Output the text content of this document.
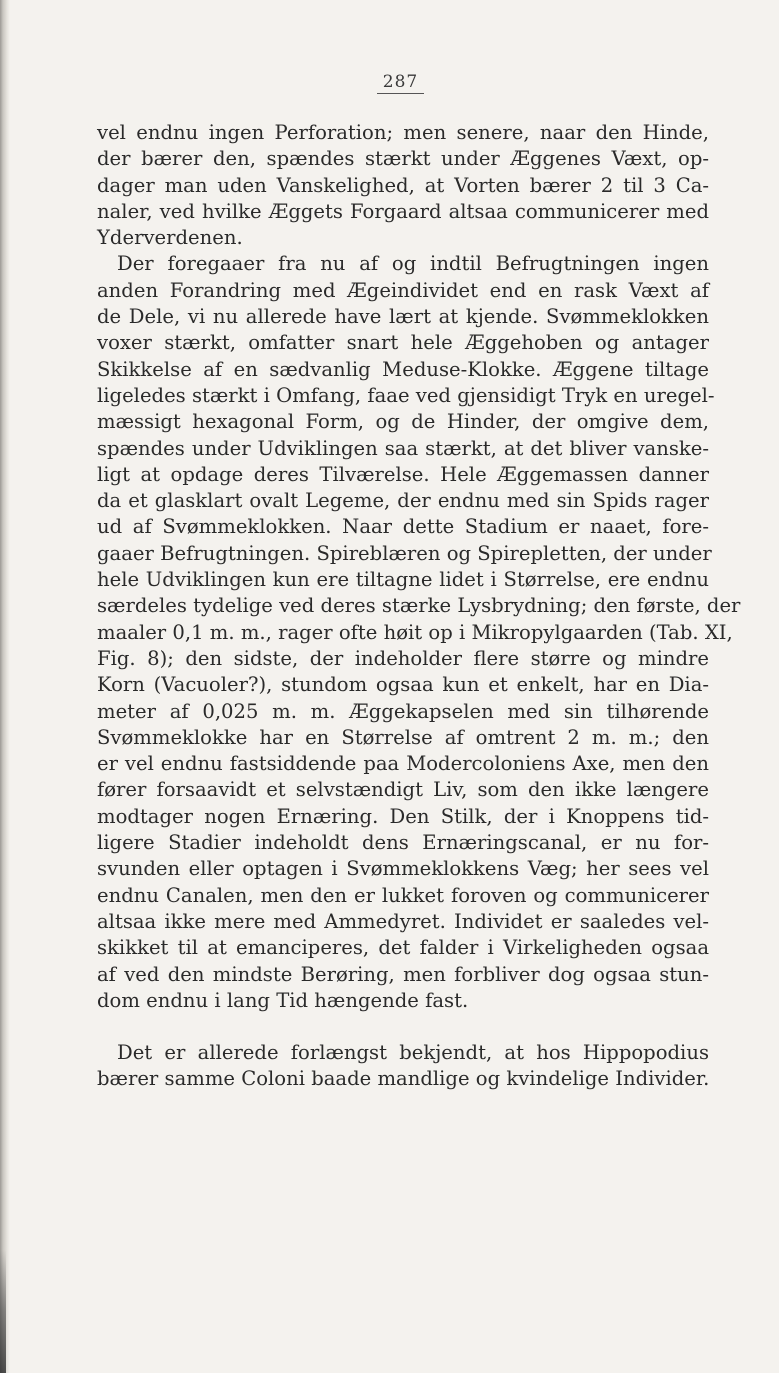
287
vel endnu ingen Perforation; men senere, naar den Hinde,
der bærer den, spændes stærkt under Æggenes Væxt, op-
dager man uden Vanskelighed, at Vorten bærer 2 til 3 Ca-
naler, ved hvilke Æggets Forgaard altsaa communicerer med
Yderverdenen.
Der foregaaer fra nu af og indtil Befrugtningen ingen
anden Forandring med Ægeindividet end en rask Væxt af
de Dele, vi nu allerede have lært at kjende. Svømmeklokken
voxer stærkt, omfatter snart hele Æggehoben og antager
Skikkelse af en sædvanlig Meduse-Klokke. Æggene tiltage
ligeledes stærkt i Omfang, faae ved gjensidigt Tryk en uregel-
mæssigt hexagonal Form, og de Hinder, der omgive dem,
spændes under Udviklingen saa stærkt, at det bliver vanske-
ligt at opdage deres Tilværelse. Hele Æggemassen danner
da et glasklart ovalt Legeme, der endnu med sin Spids rager
ud af Svømmeklokken. Naar dette Stadium er naaet, fore-
gaaer Befrugtningen. Spireblæren og Spirepletten, der under
hele Udviklingen kun ere tiltagne lidet i Størrelse, ere endnu
særdeles tydelige ved deres stærke Lysbrydning; den første, der
maaler 0,1 m. m., rager ofte høit op i Mikropylgaarden (Tab. XI,
Fig. 8); den sidste, der indeholder flere større og mindre
Korn (Vacuoler?), stundom ogsaa kun et enkelt, har en Dia-
meter af 0,025 m. m. Æggekapselen med sin tilhørende
Svømmeklokke har en Størrelse af omtrent 2 m. m.; den
er vel endnu fastsiddende paa Modercoloniens Axe, men den
fører forsaavidt et selvstændigt Liv, som den ikke længere
modtager nogen Ernæring. Den Stilk, der i Knoppens tid-
ligere Stadier indeholdt dens Ernæringscanal, er nu for-
svunden eller optagen i Svømmeklokkens Væg; her sees vel
endnu Canalen, men den er lukket foroven og communicerer
altsaa ikke mere med Ammedyret. Individet er saaledes vel-
skikket til at emanciperes, det falder i Virkeligheden ogsaa
af ved den mindste Berøring, men forbliver dog ogsaa stun-
dom endnu i lang Tid hængende fast.
Det er allerede forlængst bekjendt, at hos Hippopodius
bærer samme Coloni baade mandlige og kvindelige Individer.
